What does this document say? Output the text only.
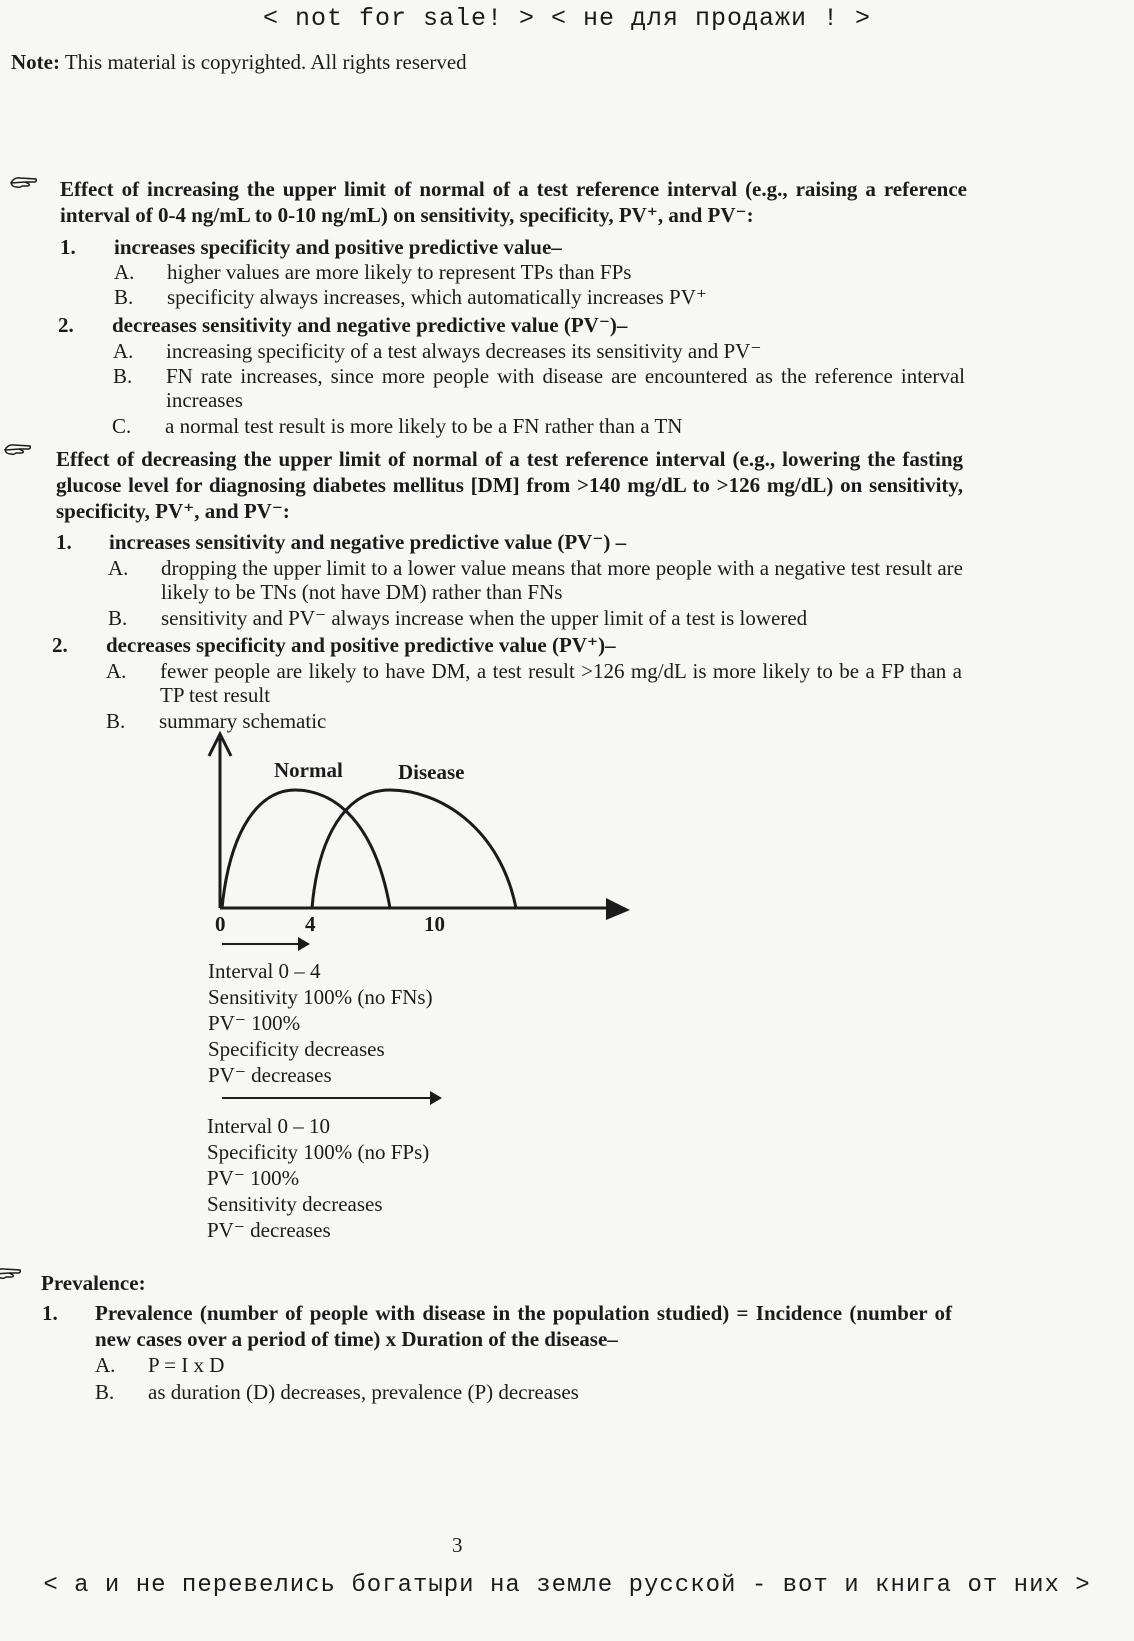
< not for sale! > < не для продажи ! >
Note: This material is copyrighted. All rights reserved
Effect of increasing the upper limit of normal of a test reference interval (e.g., raising a reference interval of 0-4 ng/mL to 0-10 ng/mL) on sensitivity, specificity, PV⁺, and PV⁻:
1. increases specificity and positive predictive value–
A. higher values are more likely to represent TPs than FPs
B. specificity always increases, which automatically increases PV⁺
2. decreases sensitivity and negative predictive value (PV⁻)–
A. increasing specificity of a test always decreases its sensitivity and PV⁻
B. FN rate increases, since more people with disease are encountered as the reference interval increases
C. a normal test result is more likely to be a FN rather than a TN
Effect of decreasing the upper limit of normal of a test reference interval (e.g., lowering the fasting glucose level for diagnosing diabetes mellitus [DM] from >140 mg/dL to >126 mg/dL) on sensitivity, specificity, PV⁺, and PV⁻:
1. increases sensitivity and negative predictive value (PV⁻) –
A. dropping the upper limit to a lower value means that more people with a negative test result are likely to be TNs (not have DM) rather than FNs
B. sensitivity and PV⁻ always increase when the upper limit of a test is lowered
2. decreases specificity and positive predictive value (PV⁺)–
A. fewer people are likely to have DM, a test result >126 mg/dL is more likely to be a FP than a TP test result
B. summary schematic
Normal	Disease
0	4	10
Interval 0 – 4
Sensitivity 100% (no FNs)
PV⁻ 100%
Specificity decreases
PV⁻ decreases
Interval 0 – 10
Specificity 100% (no FPs)
PV⁻ 100%
Sensitivity decreases
PV⁻ decreases
Prevalence:
1. Prevalence (number of people with disease in the population studied) = Incidence (number of new cases over a period of time) x Duration of the disease–
A. P = I x D
B. as duration (D) decreases, prevalence (P) decreases
3
< а и не перевелись богатыри на земле русской - вот и книга от них >
